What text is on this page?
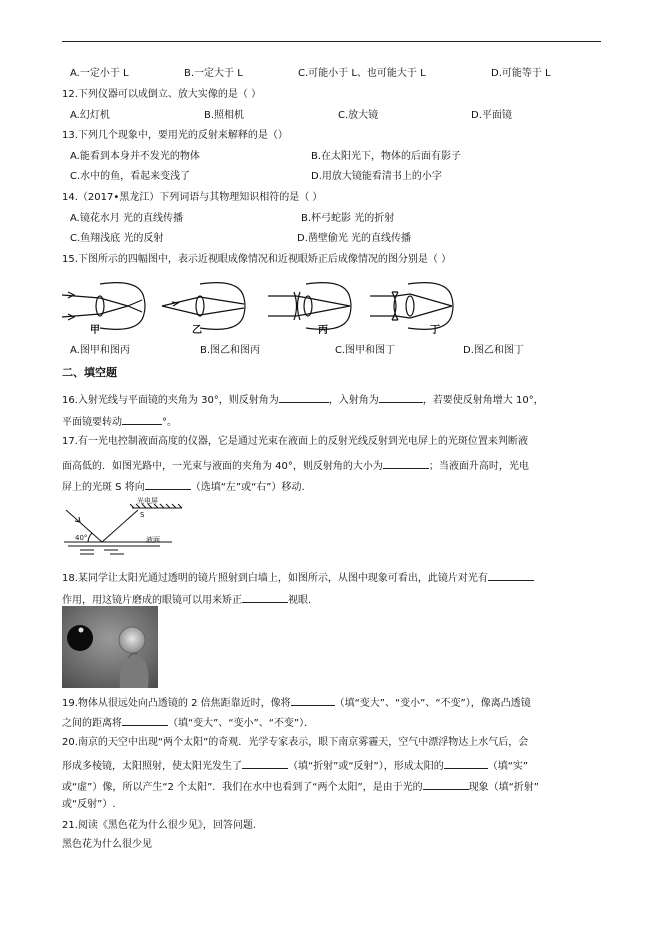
A.一定小于 L	B.一定大于 L	C.可能小于 L、也可能大于 L	D.可能等于 L
12.下列仪器可以成倒立、放大实像的是（ ）
A.幻灯机	B.照相机	C.放大镜	D.平面镜
13.下列几个现象中，要用光的反射来解释的是（）
A.能看到本身并不发光的物体	B.在太阳光下，物体的后面有影子
C.水中的鱼，看起来变浅了	D.用放大镜能看清书上的小字
14.（2017•黑龙江）下列词语与其物理知识相符的是（ ）
A.镜花水月 光的直线传播	B.杯弓蛇影 光的折射
C.鱼翔浅底 光的反射	D.凿壁偷光 光的直线传播
15.下图所示的四幅图中，表示近视眼成像情况和近视眼矫正后成像情况的图分别是（ ）
甲	乙	丙	丁
A.图甲和图丙	B.图乙和图丙	C.图甲和图丁	D.图乙和图丁
二、填空题
16.入射光线与平面镜的夹角为 30°，则反射角为	，入射角为	，若要使反射角增大 10°，
平面镜要转动	°。
17.有一光电控制液面高度的仪器，它是通过光束在液面上的反射光线反射到光电屏上的光斑位置来判断液
面高低的．如图光路中，一光束与液面的夹角为 40°，则反射角的大小为	；当液面升高时，光电
屏上的光斑 S 将向	（选填“左”或“右”）移动.
光电屏
S
40°	液面
18.某同学让太阳光通过透明的镜片照射到白墙上，如图所示，从图中现象可看出，此镜片对光有
作用，用这镜片磨成的眼镜可以用来矫正	视眼.
19.物体从很远处向凸透镜的 2 倍焦距靠近时，像将	（填“变大”、“变小”、“不变”），像离凸透镜
之间的距离将	（填“变大”、“变小”、“不变”）．
20.南京的天空中出现“两个太阳”的奇观．光学专家表示，眼下南京雾霾天，空气中漂浮物达上水气后，会
形成多棱镜，太阳照射，使太阳光发生了	（填“折射”或“反射”），形成太阳的	（填“实”
或“虚”）像，所以产生“2 个太阳”．我们在水中也看到了“两个太阳”，是由于光的	现象（填“折射”
或“反射”）.
21.阅读《黑色花为什么很少见》，回答问题.
黑色花为什么很少见
